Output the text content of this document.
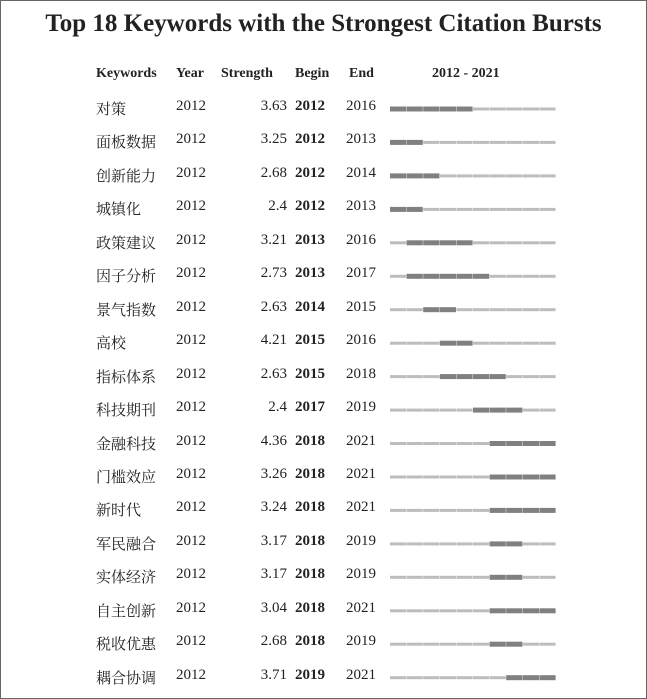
Top 18 Keywords with the Strongest Citation Bursts
Keywords Year Strength Begin End	2012 - 2021
对策	2012	3.63 2012 2016
面板数据 2012	3.25 2012 2013
创新能力 2012	2.68 2012 2014
城镇化 2012	2.4 2012 2013
政策建议 2012	3.21 2013 2016
因子分析 2012	2.73 2013 2017
景气指数 2012	2.63 2014 2015
高校	2012	4.21 2015 2016
指标体系 2012	2.63 2015 2018
科技期刊 2012	2.4 2017 2019
金融科技 2012	4.36 2018 2021
门槛效应 2012	3.26 2018 2021
新时代 2012	3.24 2018 2021
军民融合 2012	3.17 2018 2019
实体经济 2012	3.17 2018 2019
自主创新 2012	3.04 2018 2021
税收优惠 2012	2.68 2018 2019
耦合协调 2012	3.71 2019 2021
